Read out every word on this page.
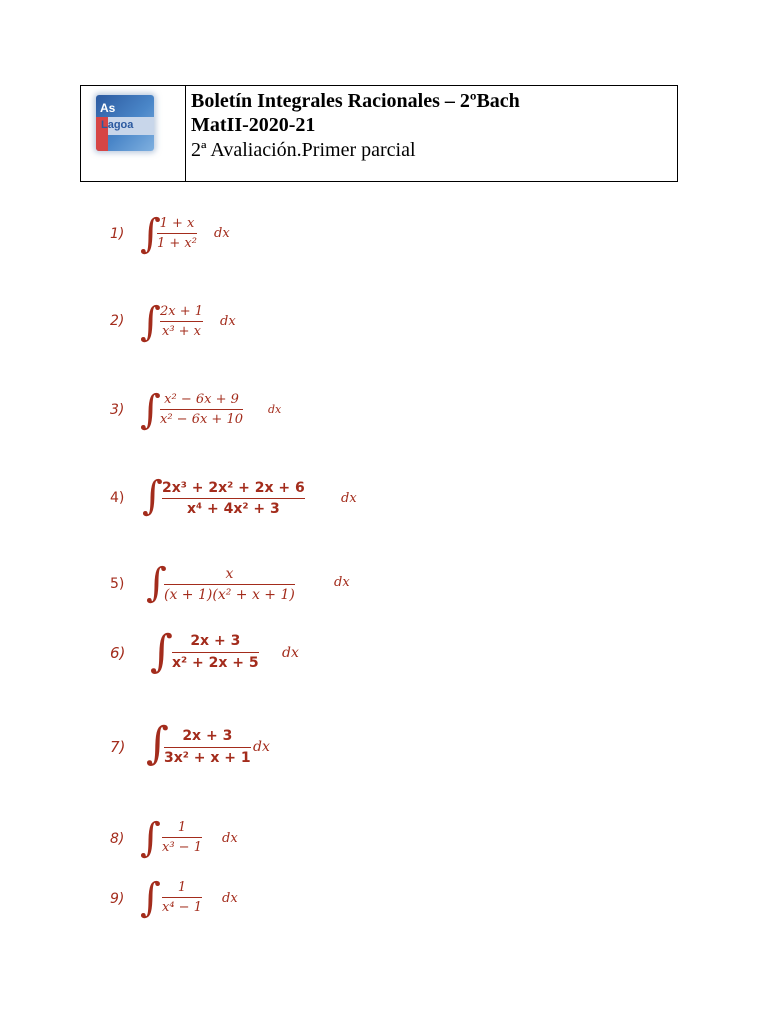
As
Lagoa
Boletín Integrales Racionales – 2ºBach
MatII-2020-21
2ª Avaliación.Primer parcial
1) ∫
$\frac{1 + x}{\text{1 + x²}}$ dx
2) ∫ $\frac{2x + 1}{\text{x³ + x}}$ dx
3) ∫ $\frac{\text{x² − 6x + 9}}{\text{x² − 6x + 10}}$ dx
4) ∫ $\frac{\text{2x³ + 2x² + 2x + 6}}{\text{x⁴ + 4x² + 3}}$	dx
5) ∫
$\frac{x}{\text{(x + 1)(x² + x + 1)}}$	dx
6) ∫ $\frac{2x + 3}{\text{x² + 2x + 5}}$ dx
7) ∫
$\frac{2x + 3}{\text{3x² + x + 1}}$ dx
8) ∫ $\frac{1}{\text{x³ − 1}}$ dx
9) ∫ $\frac{1}{\text{x⁴ − 1}}$ dx
